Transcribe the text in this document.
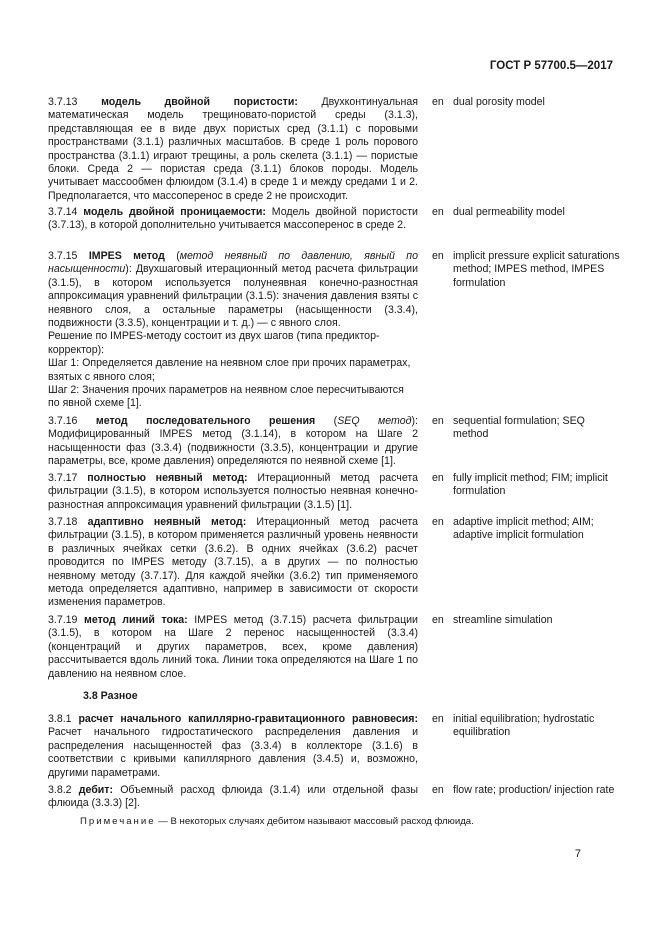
ГОСТ Р 57700.5—2017

3.7.13 модель двойной пористости: Двухконтинуальная математическая модель трещиновато-пористой среды (3.1.3), представляющая ее в виде двух пористых сред (3.1.1) с поровыми пространствами (3.1.1) различных масштабов. В среде 1 роль порового пространства (3.1.1) играют трещины, а роль скелета (3.1.1) — пористые блоки. Среда 2 — пористая среда (3.1.1) блоков породы. Модель учитывает массообмен флюидом (3.1.4) в среде 1 и между средами 1 и 2. Предполагается, что массоперенос в среде 2 не происходит.

en dual porosity model

3.7.14 модель двойной проницаемости: Модель двойной пористости (3.7.13), в которой дополнительно учитывается массоперенос в среде 2.

en dual permeability model

3.7.15 IMPES метод (метод неявный по давлению, явный по насыщенности): Двухшаговый итерационный метод расчета фильтрации (3.1.5), в котором используется полунеявная конечно-разностная аппроксимация уравнений фильтрации (3.1.5): значения давления взяты с неявного слоя, а остальные параметры (насыщенности (3.3.4), подвижности (3.3.5), концентрации и т. д.) — с явного слоя.

Решение по IMPES-методу состоит из двух шагов (типа предиктор-корректор):

Шаг 1: Определяется давление на неявном слое при прочих параметрах, взятых с явного слоя;

Шаг 2: Значения прочих параметров на неявном слое пересчитываются по явной схеме [1].

en implicit pressure explicit saturations method; IMPES method, IMPES formulation

3.7.16 метод последовательного решения (SEQ метод): Модифицированный IMPES метод (3.1.14), в котором на Шаге 2 насыщенности фаз (3.3.4) (подвижности (3.3.5), концентрации и другие параметры, все, кроме давления) определяются по неявной схеме [1].

en sequential formulation; SEQ method

3.7.17 полностью неявный метод: Итерационный метод расчета фильтрации (3.1.5), в котором используется полностью неявная конечно-разностная аппроксимация уравнений фильтрации (3.1.5) [1].

en fully implicit method; FIM; implicit formulation

3.7.18 адаптивно неявный метод: Итерационный метод расчета фильтрации (3.1.5), в котором применяется различный уровень неявности в различных ячейках сетки (3.6.2). В одних ячейках (3.6.2) расчет проводится по IMPES методу (3.7.15), а в других — по полностью неявному методу (3.7.17). Для каждой ячейки (3.6.2) тип применяемого метода определяется адаптивно, например в зависимости от скорости изменения параметров.

en adaptive implicit method; AIM; adaptive implicit formulation

3.7.19 метод линий тока: IMPES метод (3.7.15) расчета фильтрации (3.1.5), в котором на Шаге 2 перенос насыщенностей (3.3.4) (концентраций и других параметров, всех, кроме давления) рассчитывается вдоль линий тока. Линии тока определяются на Шаге 1 по давлению на неявном слое.

en streamline simulation
3.8 Разное

3.8.1 расчет начального капиллярно-гравитационного равновесия: Расчет начального гидростатического распределения давления и распределения насыщенностей фаз (3.3.4) в коллекторе (3.1.6) в соответствии с кривыми капиллярного давления (3.4.5) и, возможно, другими параметрами.

en initial equilibration; hydrostatic equilibration

3.8.2 дебит: Объемный расход флюида (3.1.4) или отдельной фазы флюида (3.3.3) [2].

en flow rate; production/ injection rate
Примечание — В некоторых случаях дебитом называют массовый расход флюида.
7
